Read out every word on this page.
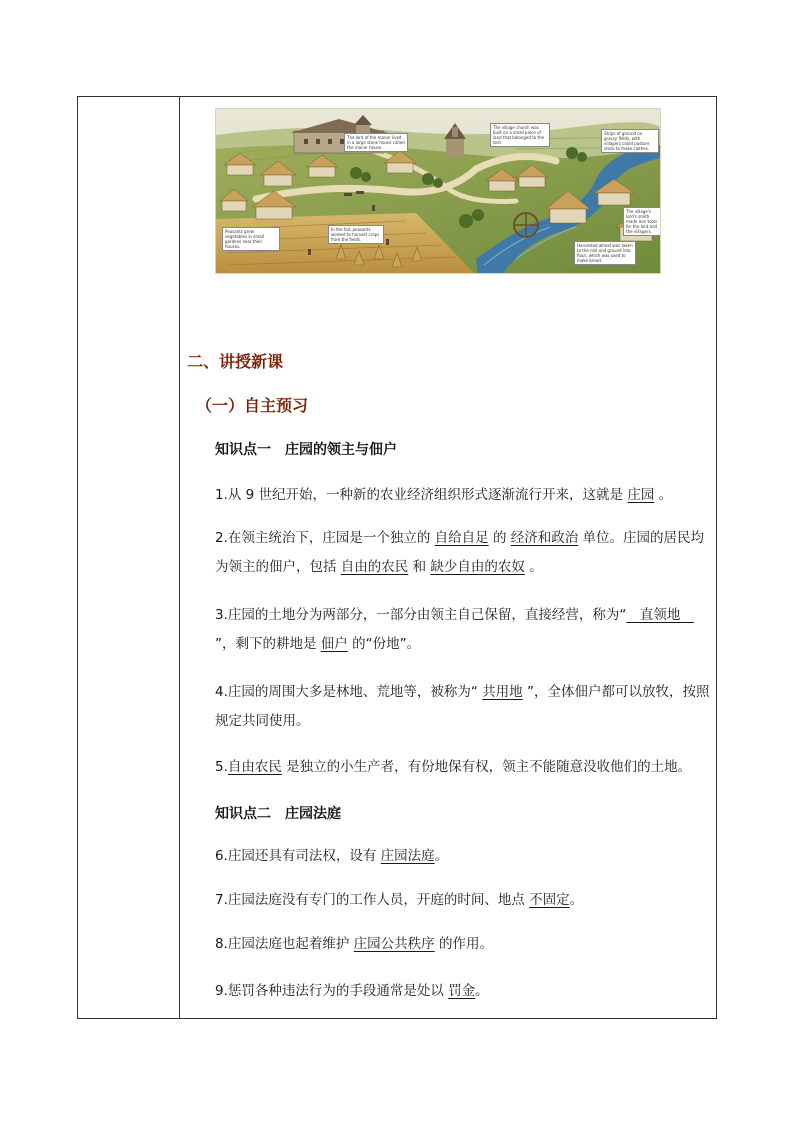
The lord of the manor lived in a large stone house called the manor house.
The village church was built on a small piece of land that belonged to the lord.
Strips of ground on grassy fields, with villagers could pasture stock to make clothes.
The village's lord's smith made iron tools for the lord and the villagers.
Peasants grew vegetables in small gardens near their houses.
In the fall, peasants worked to harvest crops from the fields.
Harvested wheat was taken to the mill and ground into flour, which was used to make bread.
二、讲授新课
（一）自主预习
知识点一 庄园的领主与佃户
1.从 9 世纪开始，一种新的农业经济组织形式逐渐流行开来，这就是 庄园 。
2.在领主统治下，庄园是一个独立的 自给自足 的 经济和政治 单位。庄园的居民均为领主的佃户，包括 自由的农民 和 缺少自由的农奴 。
3.庄园的土地分为两部分，一部分由领主自己保留，直接经营，称为“　直领地　”，剩下的耕地是 佃户 的“份地”。
4.庄园的周围大多是林地、荒地等，被称为“ 共用地 ”，全体佃户都可以放牧，按照规定共同使用。
5.自由农民 是独立的小生产者，有份地保有权，领主不能随意没收他们的土地。
知识点二 庄园法庭
6.庄园还具有司法权，设有 庄园法庭。
7.庄园法庭没有专门的工作人员，开庭的时间、地点 不固定。
8.庄园法庭也起着维护 庄园公共秩序 的作用。
9.惩罚各种违法行为的手段通常是处以 罚金。
